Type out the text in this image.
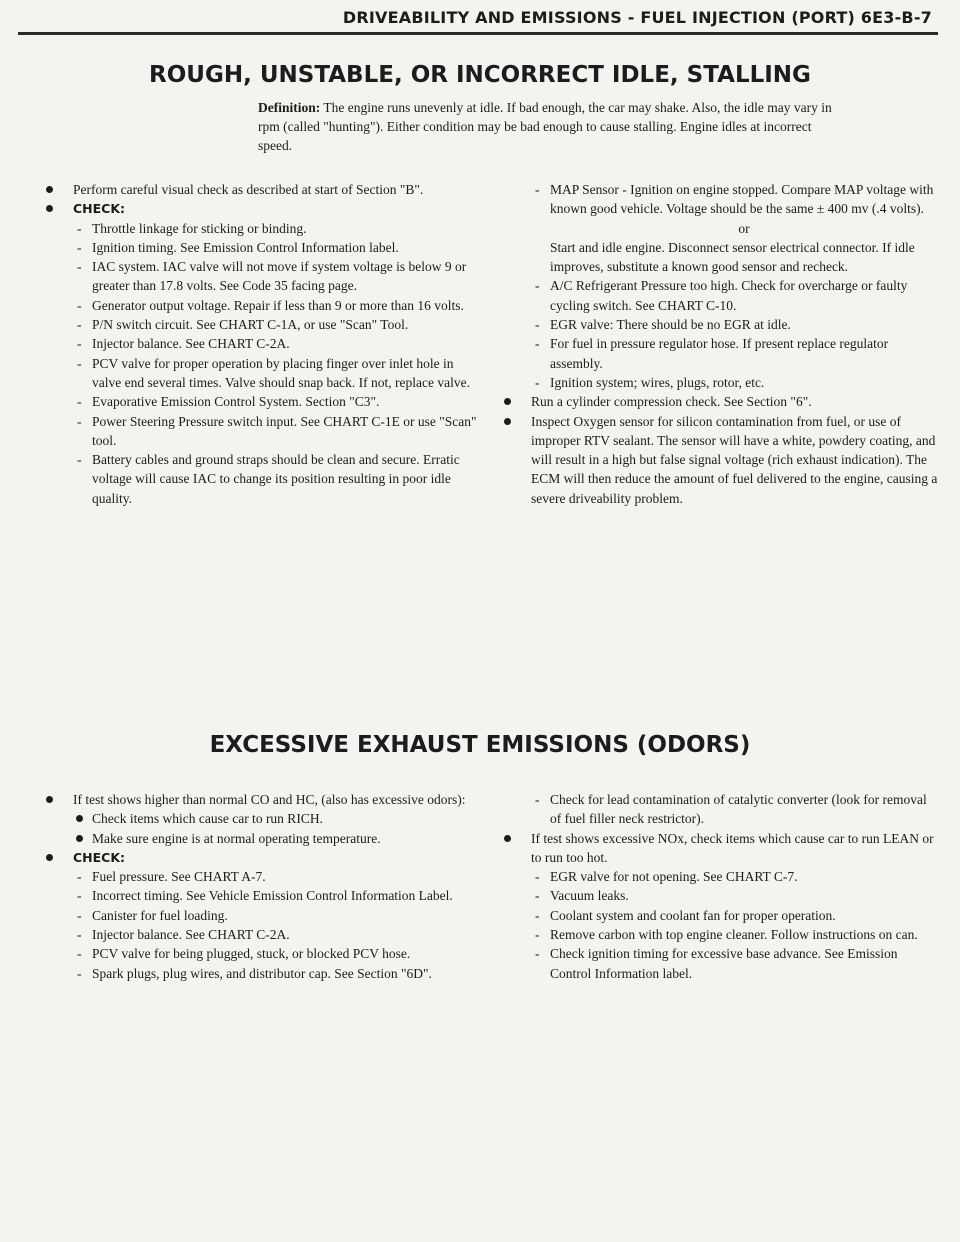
DRIVEABILITY AND EMISSIONS - FUEL INJECTION (PORT) 6E3-B-7
ROUGH, UNSTABLE, OR INCORRECT IDLE, STALLING
Definition: The engine runs unevenly at idle. If bad enough, the car may shake. Also, the idle may vary in rpm (called "hunting"). Either condition may be bad enough to cause stalling. Engine idles at incorrect speed.

Perform careful visual check as described at start of Section "B".

CHECK:

- Throttle linkage for sticking or binding.

- Ignition timing. See Emission Control Information label.

- IAC system. IAC valve will not move if system voltage is below 9 or greater than 17.8 volts. See Code 35 facing page.

- Generator output voltage. Repair if less than 9 or more than 16 volts.

- P/N switch circuit. See CHART C-1A, or use "Scan" Tool.

- Injector balance. See CHART C-2A.

- PCV valve for proper operation by placing finger over inlet hole in valve end several times. Valve should snap back. If not, replace valve.

- Evaporative Emission Control System. Section "C3".

- Power Steering Pressure switch input. See CHART C-1E or use "Scan" tool.

- Battery cables and ground straps should be clean and secure. Erratic voltage will cause IAC to change its position resulting in poor idle quality.

- MAP Sensor - Ignition on engine stopped. Compare MAP voltage with known good vehicle. Voltage should be the same ± 400 mv (.4 volts).

or

Start and idle engine. Disconnect sensor electrical connector. If idle improves, substitute a known good sensor and recheck.

- A/C Refrigerant Pressure too high. Check for overcharge or faulty cycling switch. See CHART C-10.

- EGR valve: There should be no EGR at idle.

- For fuel in pressure regulator hose. If present replace regulator assembly.

- Ignition system; wires, plugs, rotor, etc.

Run a cylinder compression check. See Section "6".

Inspect Oxygen sensor for silicon contamination from fuel, or use of improper RTV sealant. The sensor will have a white, powdery coating, and will result in a high but false signal voltage (rich exhaust indication). The ECM will then reduce the amount of fuel delivered to the engine, causing a severe driveability problem.

EXCESSIVE EXHAUST EMISSIONS (ODORS)

If test shows higher than normal CO and HC, (also has excessive odors):

Check items which cause car to run RICH.

Make sure engine is at normal operating temperature.

CHECK:

- Fuel pressure. See CHART A-7.

- Incorrect timing. See Vehicle Emission Control Information Label.

- Canister for fuel loading.

- Injector balance. See CHART C-2A.

- PCV valve for being plugged, stuck, or blocked PCV hose.

- Spark plugs, plug wires, and distributor cap. See Section "6D".

- Check for lead contamination of catalytic converter (look for removal of fuel filler neck restrictor).

If test shows excessive NOx, check items which cause car to run LEAN or to run too hot.

- EGR valve for not opening. See CHART C-7.

- Vacuum leaks.

- Coolant system and coolant fan for proper operation.

- Remove carbon with top engine cleaner. Follow instructions on can.

- Check ignition timing for excessive base advance. See Emission Control Information label.
